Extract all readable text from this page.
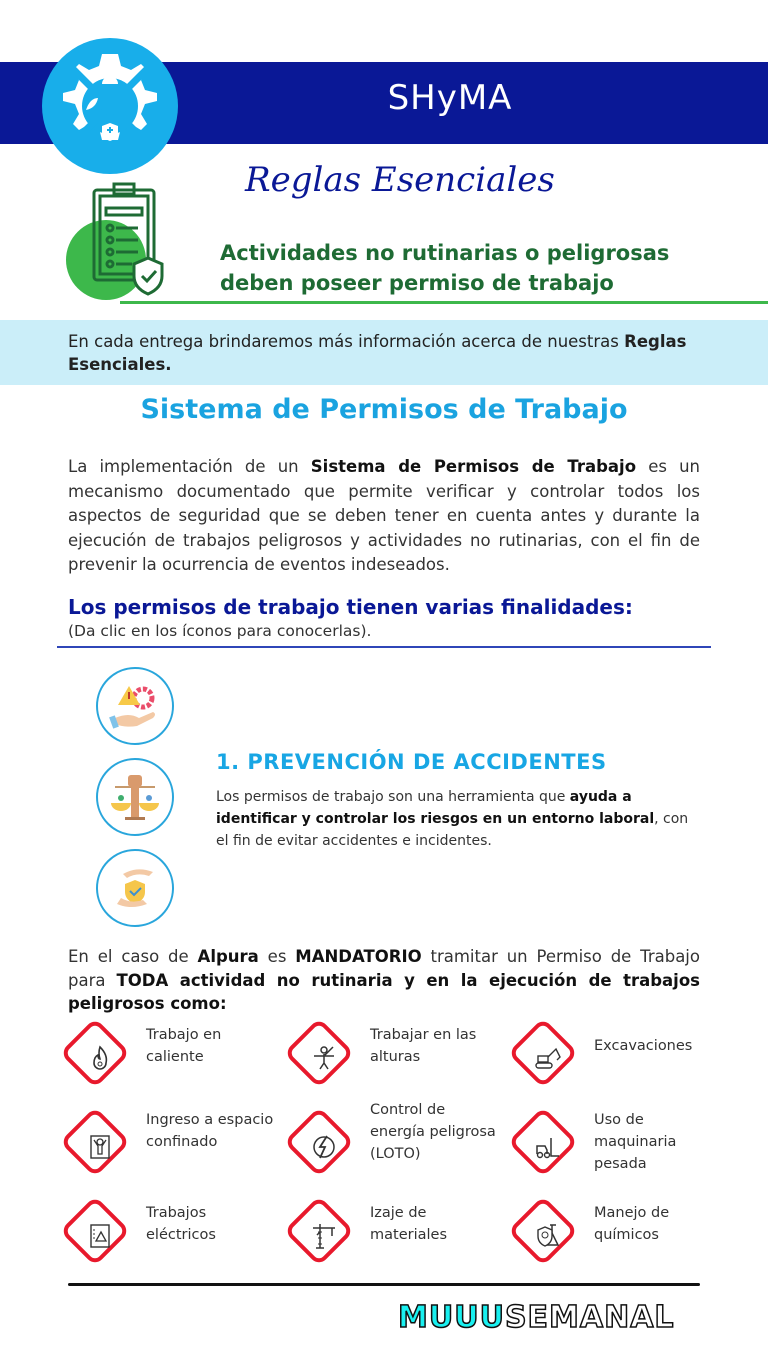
SHyMA
Reglas Esenciales
Actividades no rutinarias o peligrosas
deben poseer permiso de trabajo
En cada entrega brindaremos más información acerca de nuestras Reglas Esenciales.
Sistema de Permisos de Trabajo
La implementación de un Sistema de Permisos de Trabajo es un mecanismo documentado que permite verificar y controlar todos los aspectos de seguridad que se deben tener en cuenta antes y durante la ejecución de trabajos peligrosos y actividades no rutinarias, con el fin de prevenir la ocurrencia de eventos indeseados.
Los permisos de trabajo tienen varias finalidades:
(Da clic en los íconos para conocerlas).
1. PREVENCIÓN DE ACCIDENTES
Los permisos de trabajo son una herramienta que ayuda a identificar y controlar los riesgos en un entorno laboral, con el fin de evitar accidentes e incidentes.
En el caso de Alpura es MANDATORIO tramitar un Permiso de Trabajo para TODA actividad no rutinaria y en la ejecución de trabajos peligrosos como:
Trabajo en caliente
Trabajar en las alturas
Excavaciones
Ingreso a espacio confinado
Control de energía peligrosa (LOTO)
Uso de maquinaria pesada
Trabajos eléctricos
Izaje de materiales
Manejo de químicos
MUUUSEMANAL
